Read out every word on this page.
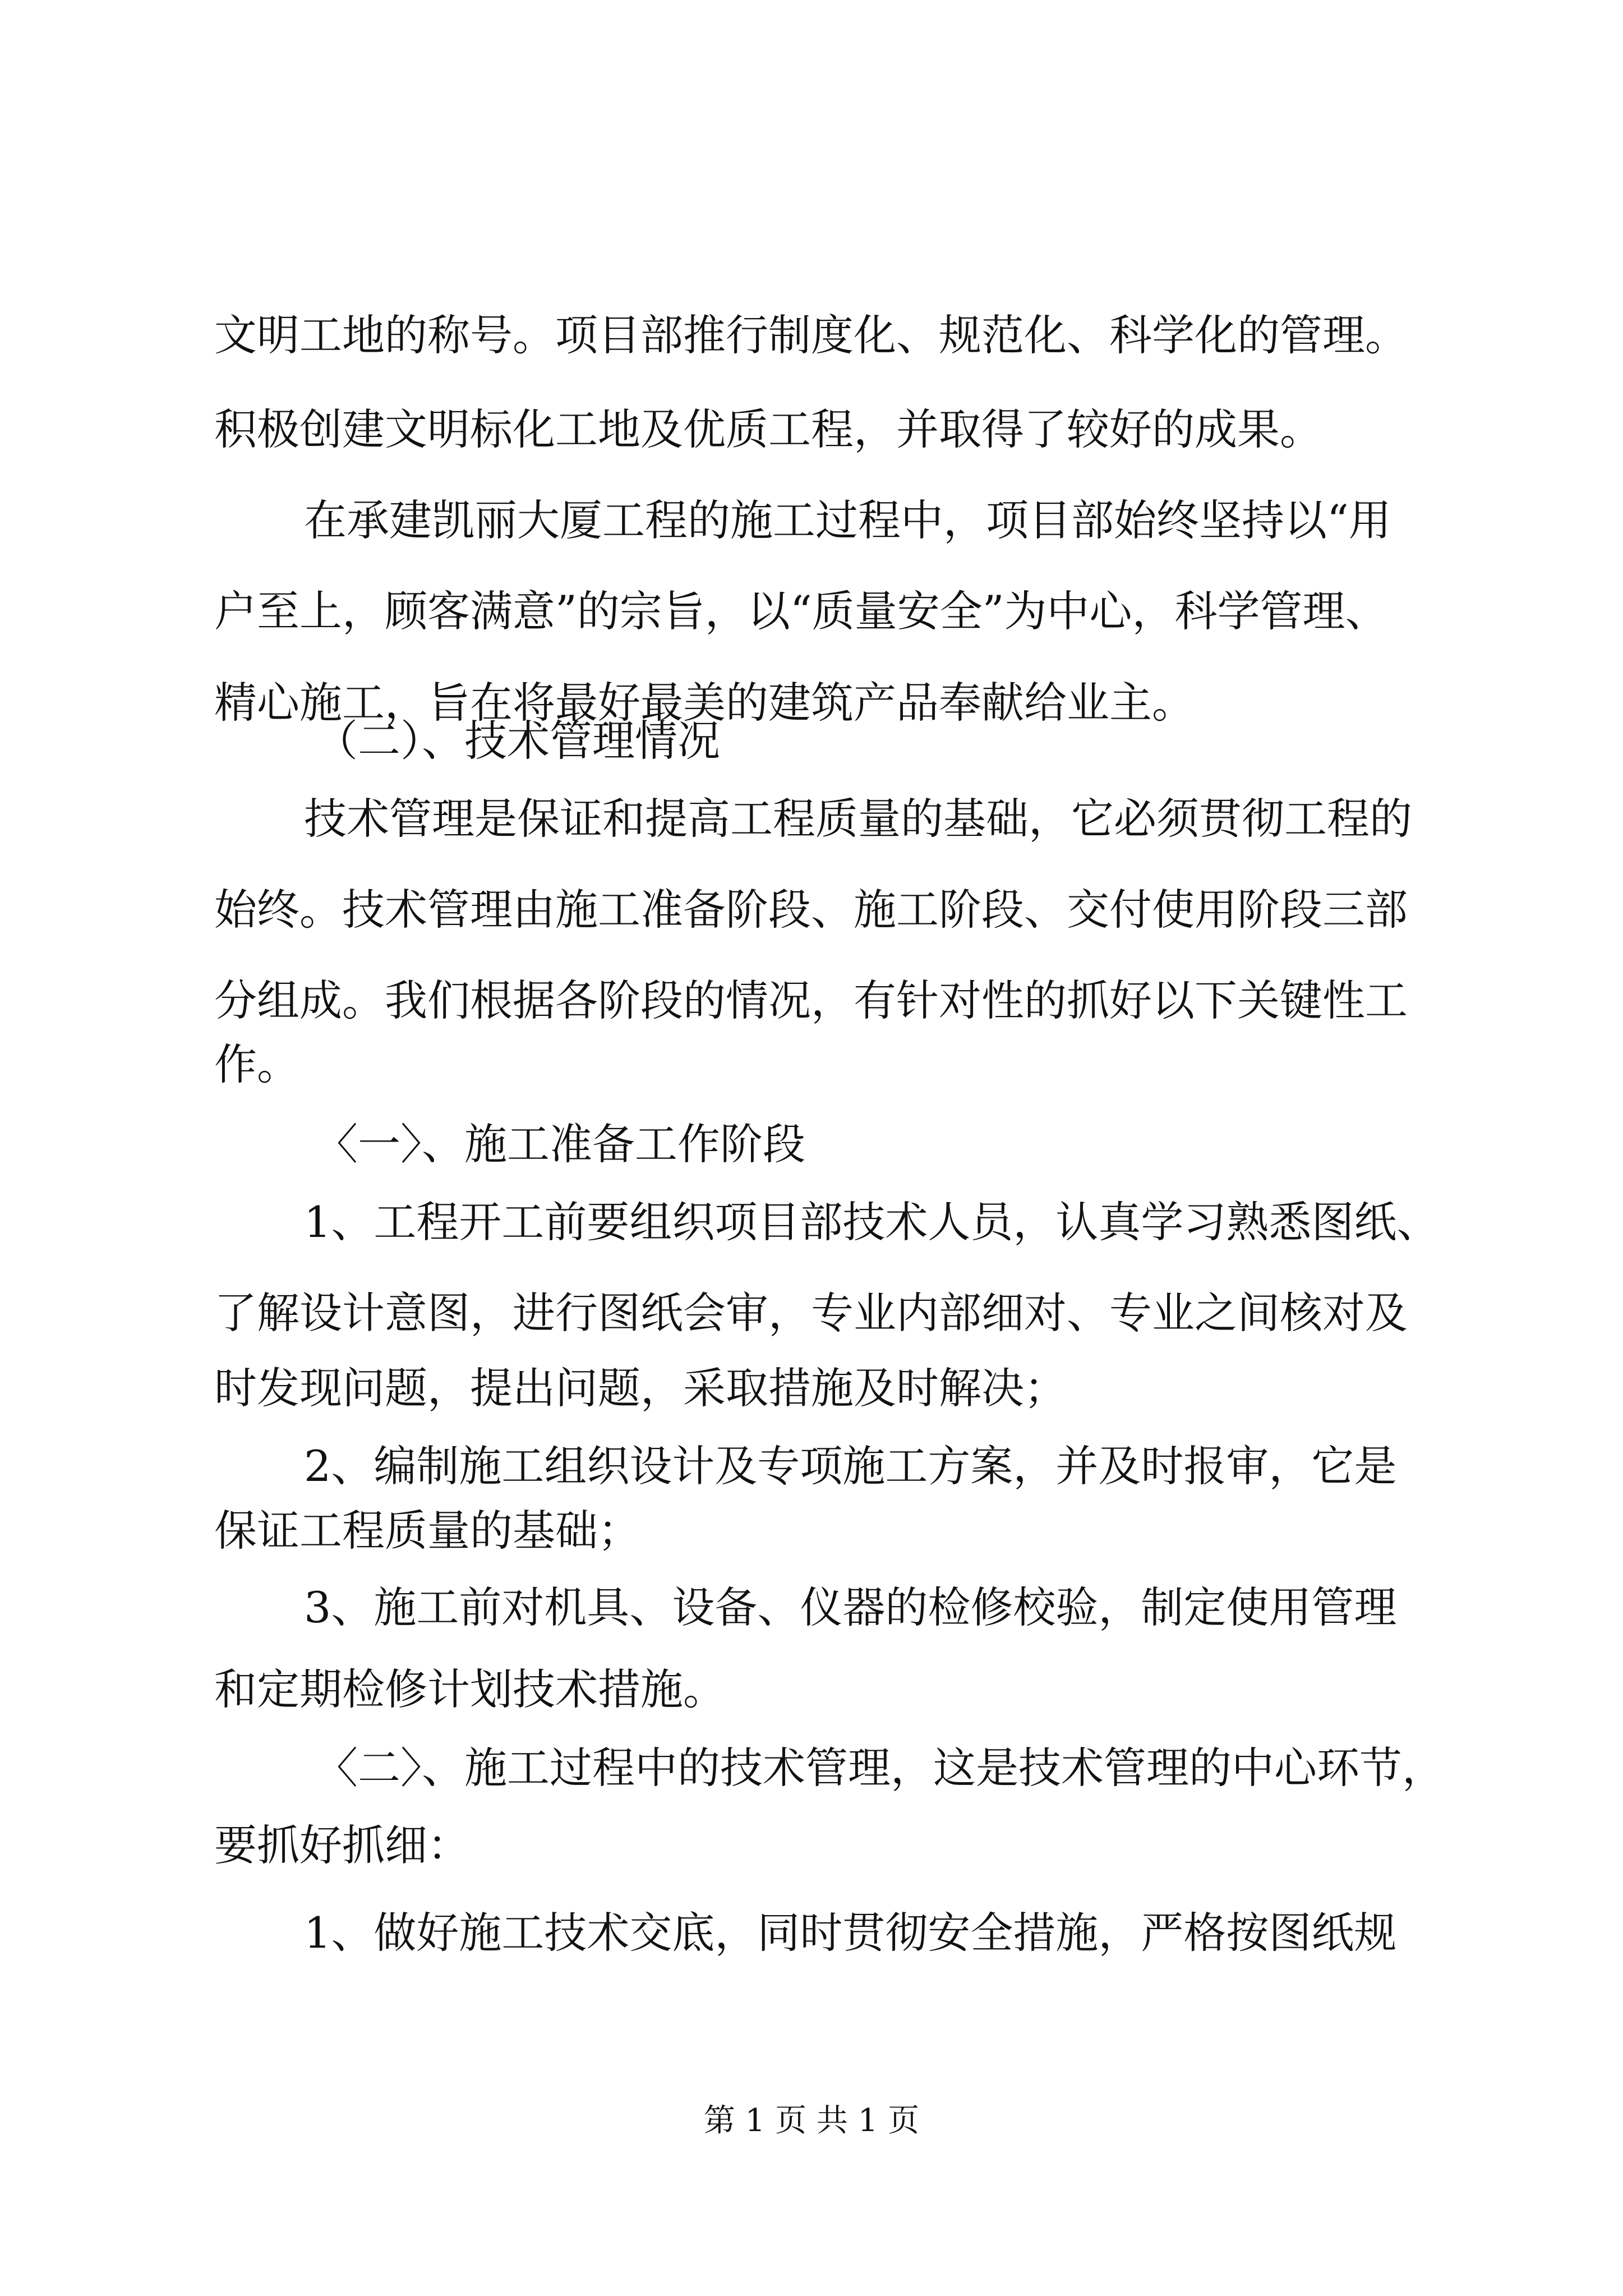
文明工地的称号。项目部推行制度化、规范化、科学化的管理。
积极创建文明标化工地及优质工程，并取得了较好的成果。
在承建凯丽大厦工程的施工过程中，项目部始终坚持以“用
户至上，顾客满意”的宗旨，以“质量安全”为中心，科学管理、
精心施工，旨在将最好最美的建筑产品奉献给业主。
（二）、技术管理情况
技术管理是保证和提高工程质量的基础，它必须贯彻工程的
始终。技术管理由施工准备阶段、施工阶段、交付使用阶段三部
分组成。我们根据各阶段的情况，有针对性的抓好以下关键性工
作。
〈一〉、施工准备工作阶段
1、工程开工前要组织项目部技术人员，认真学习熟悉图纸、
了解设计意图，进行图纸会审，专业内部细对、专业之间核对及
时发现问题，提出问题，采取措施及时解决；
2、编制施工组织设计及专项施工方案，并及时报审，它是
保证工程质量的基础；
3、施工前对机具、设备、仪器的检修校验，制定使用管理
和定期检修计划技术措施。
〈二〉、施工过程中的技术管理，这是技术管理的中心环节，
要抓好抓细：
1、做好施工技术交底，同时贯彻安全措施，严格按图纸规
第 1 页 共 1 页
